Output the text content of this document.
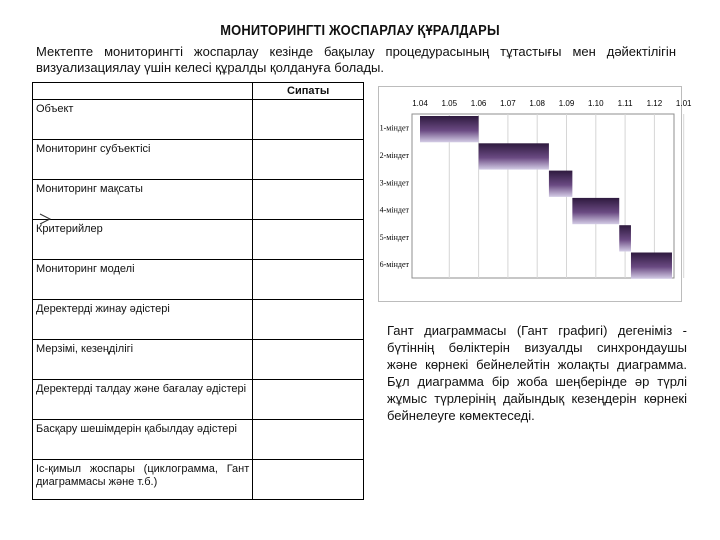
МОНИТОРИНГТІ ЖОСПАРЛАУ ҚҰРАЛДАРЫ
Мектепте мониторингті жоспарлау кезінде бақылау процедурасының тұтастығы мен дәйектілігін визуализациялау үшін келесі құралды қолдануға болады.
	Сипаты
Объект	
Мониторинг субъектісі	
Мониторинг мақсаты	
Критерийлер	
Мониторинг моделі	
Деректерді жинау әдістері	
Мерзімі, кезеңділігі	
Деректерді талдау және бағалау әдістері	
Басқару шешімдерін қабылдау әдістері	
Іс-қимыл жоспары (циклограмма, Гант диаграммасы және т.б.)	
1.04 1.05 1.06 1.07 1.08 1.09 1.10 1.11 1.12 1.01
1-міндет
2-міндет
3-міндет
4-міндет
5-міндет
6-міндет
Гант диаграммасы (Гант графигі) дегеніміз - бүтіннің бөліктерін визуалды синхрондаушы және көрнекі бейнелейтін жолақты диаграмма. Бұл диаграмма бір жоба шеңберінде әр түрлі жұмыс түрлерінің дайындық кезеңдерін көрнекі бейнелеуге көмектеседі.
